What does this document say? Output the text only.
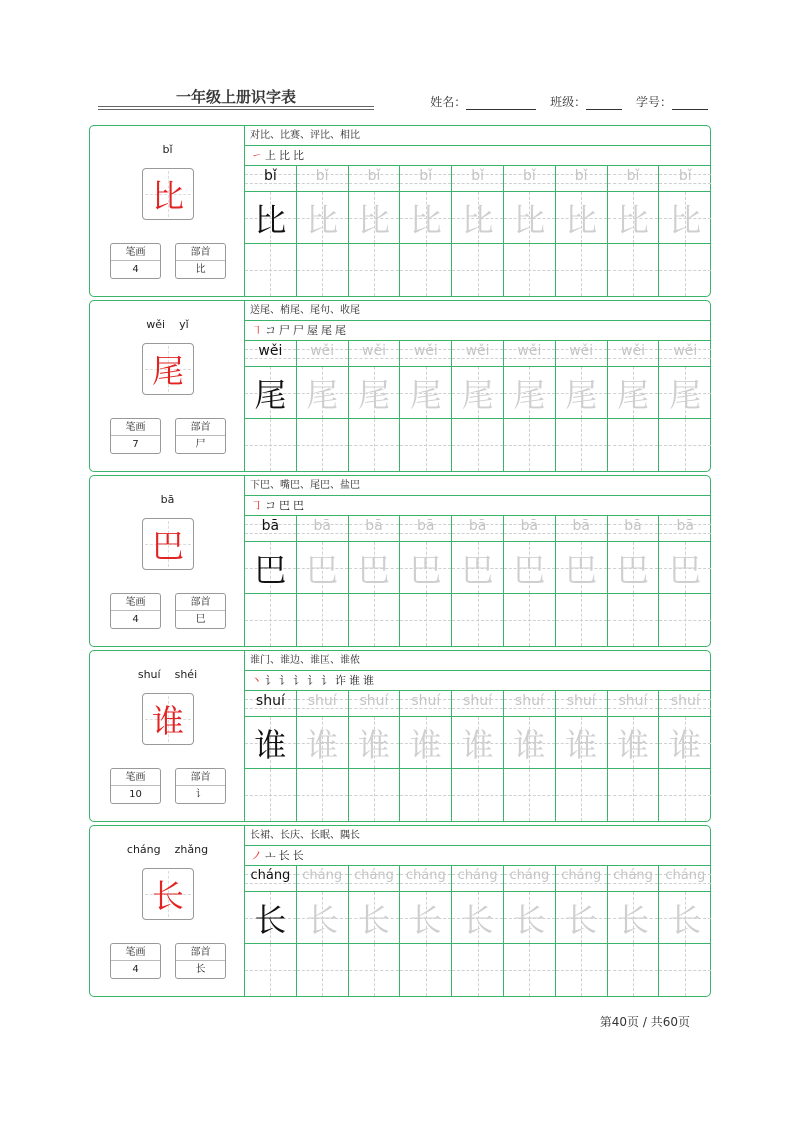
一年级上册识字表	姓名：	班级：	学号：
bǐ
比
笔画
4
部首
比
对比、比赛、评比、相比
㇀ 上 比 比
bǐ
比
bǐ
比
bǐ
比
bǐ
比
bǐ
比
bǐ
比
bǐ
比
bǐ
比
bǐ
比
wěi yǐ
尾
笔画
7
部首
尸
送尾、梢尾、尾句、收尾
㇕ コ 尸 尸 屋 尾 尾
wěi
尾
wěi
尾
wěi
尾
wěi
尾
wěi
尾
wěi
尾
wěi
尾
wěi
尾
wěi
尾
bā
巴
笔画
4
部首
巳
下巴、嘴巴、尾巴、盐巴
㇆ コ 巴 巴
bā
巴
bā
巴
bā
巴
bā
巴
bā
巴
bā
巴
bā
巴
bā
巴
bā
巴
shuí shéi
谁
笔画
10
部首
讠
谁门、谁边、谁匡、谁侬
丶 讠 讠 讠 讠 讠 诈 谁 谁
shuí
谁
shuí
谁
shuí
谁
shuí
谁
shuí
谁
shuí
谁
shuí
谁
shuí
谁
shuí
谁
cháng zhǎng
长
笔画
4
部首
长
长裙、长庆、长眠、隅长
ノ ㅗ 长 长
cháng
长
cháng
长
cháng
长
cháng
长
cháng
长
cháng
长
cháng
长
cháng
长
cháng
长
第40页 / 共60页
